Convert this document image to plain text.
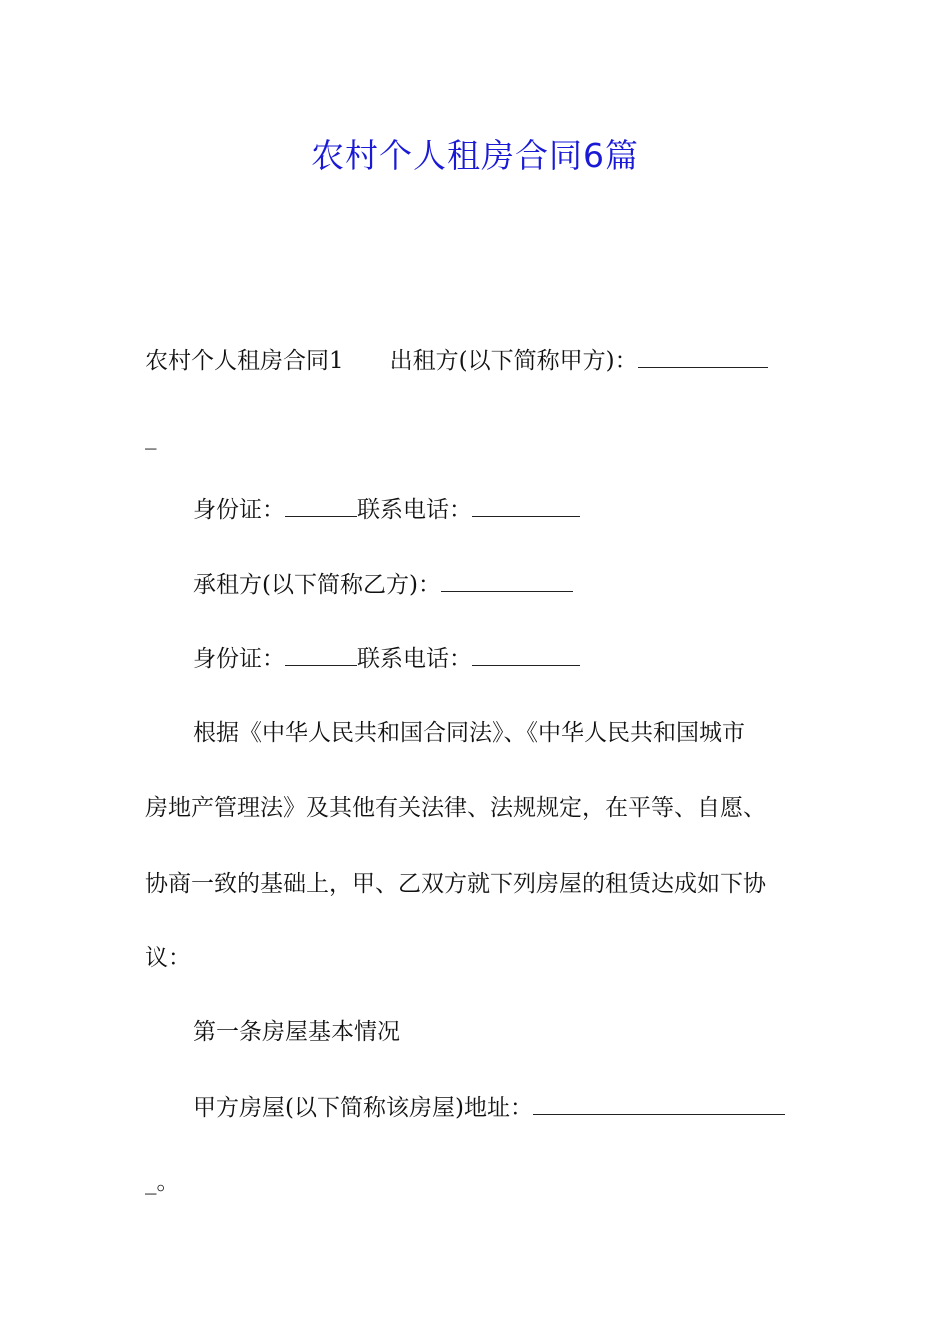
农村个人租房合同6篇
农村个人租房合同1 出租方(以下简称甲方)：
_
身份证：	联系电话：
承租方(以下简称乙方)：
身份证：	联系电话：
根据《中华人民共和国合同法》、《中华人民共和国城市
房地产管理法》及其他有关法律、法规规定，在平等、自愿、
协商一致的基础上，甲、乙双方就下列房屋的租赁达成如下协
议：
第一条房屋基本情况
甲方房屋(以下简称该房屋)地址：
_。
